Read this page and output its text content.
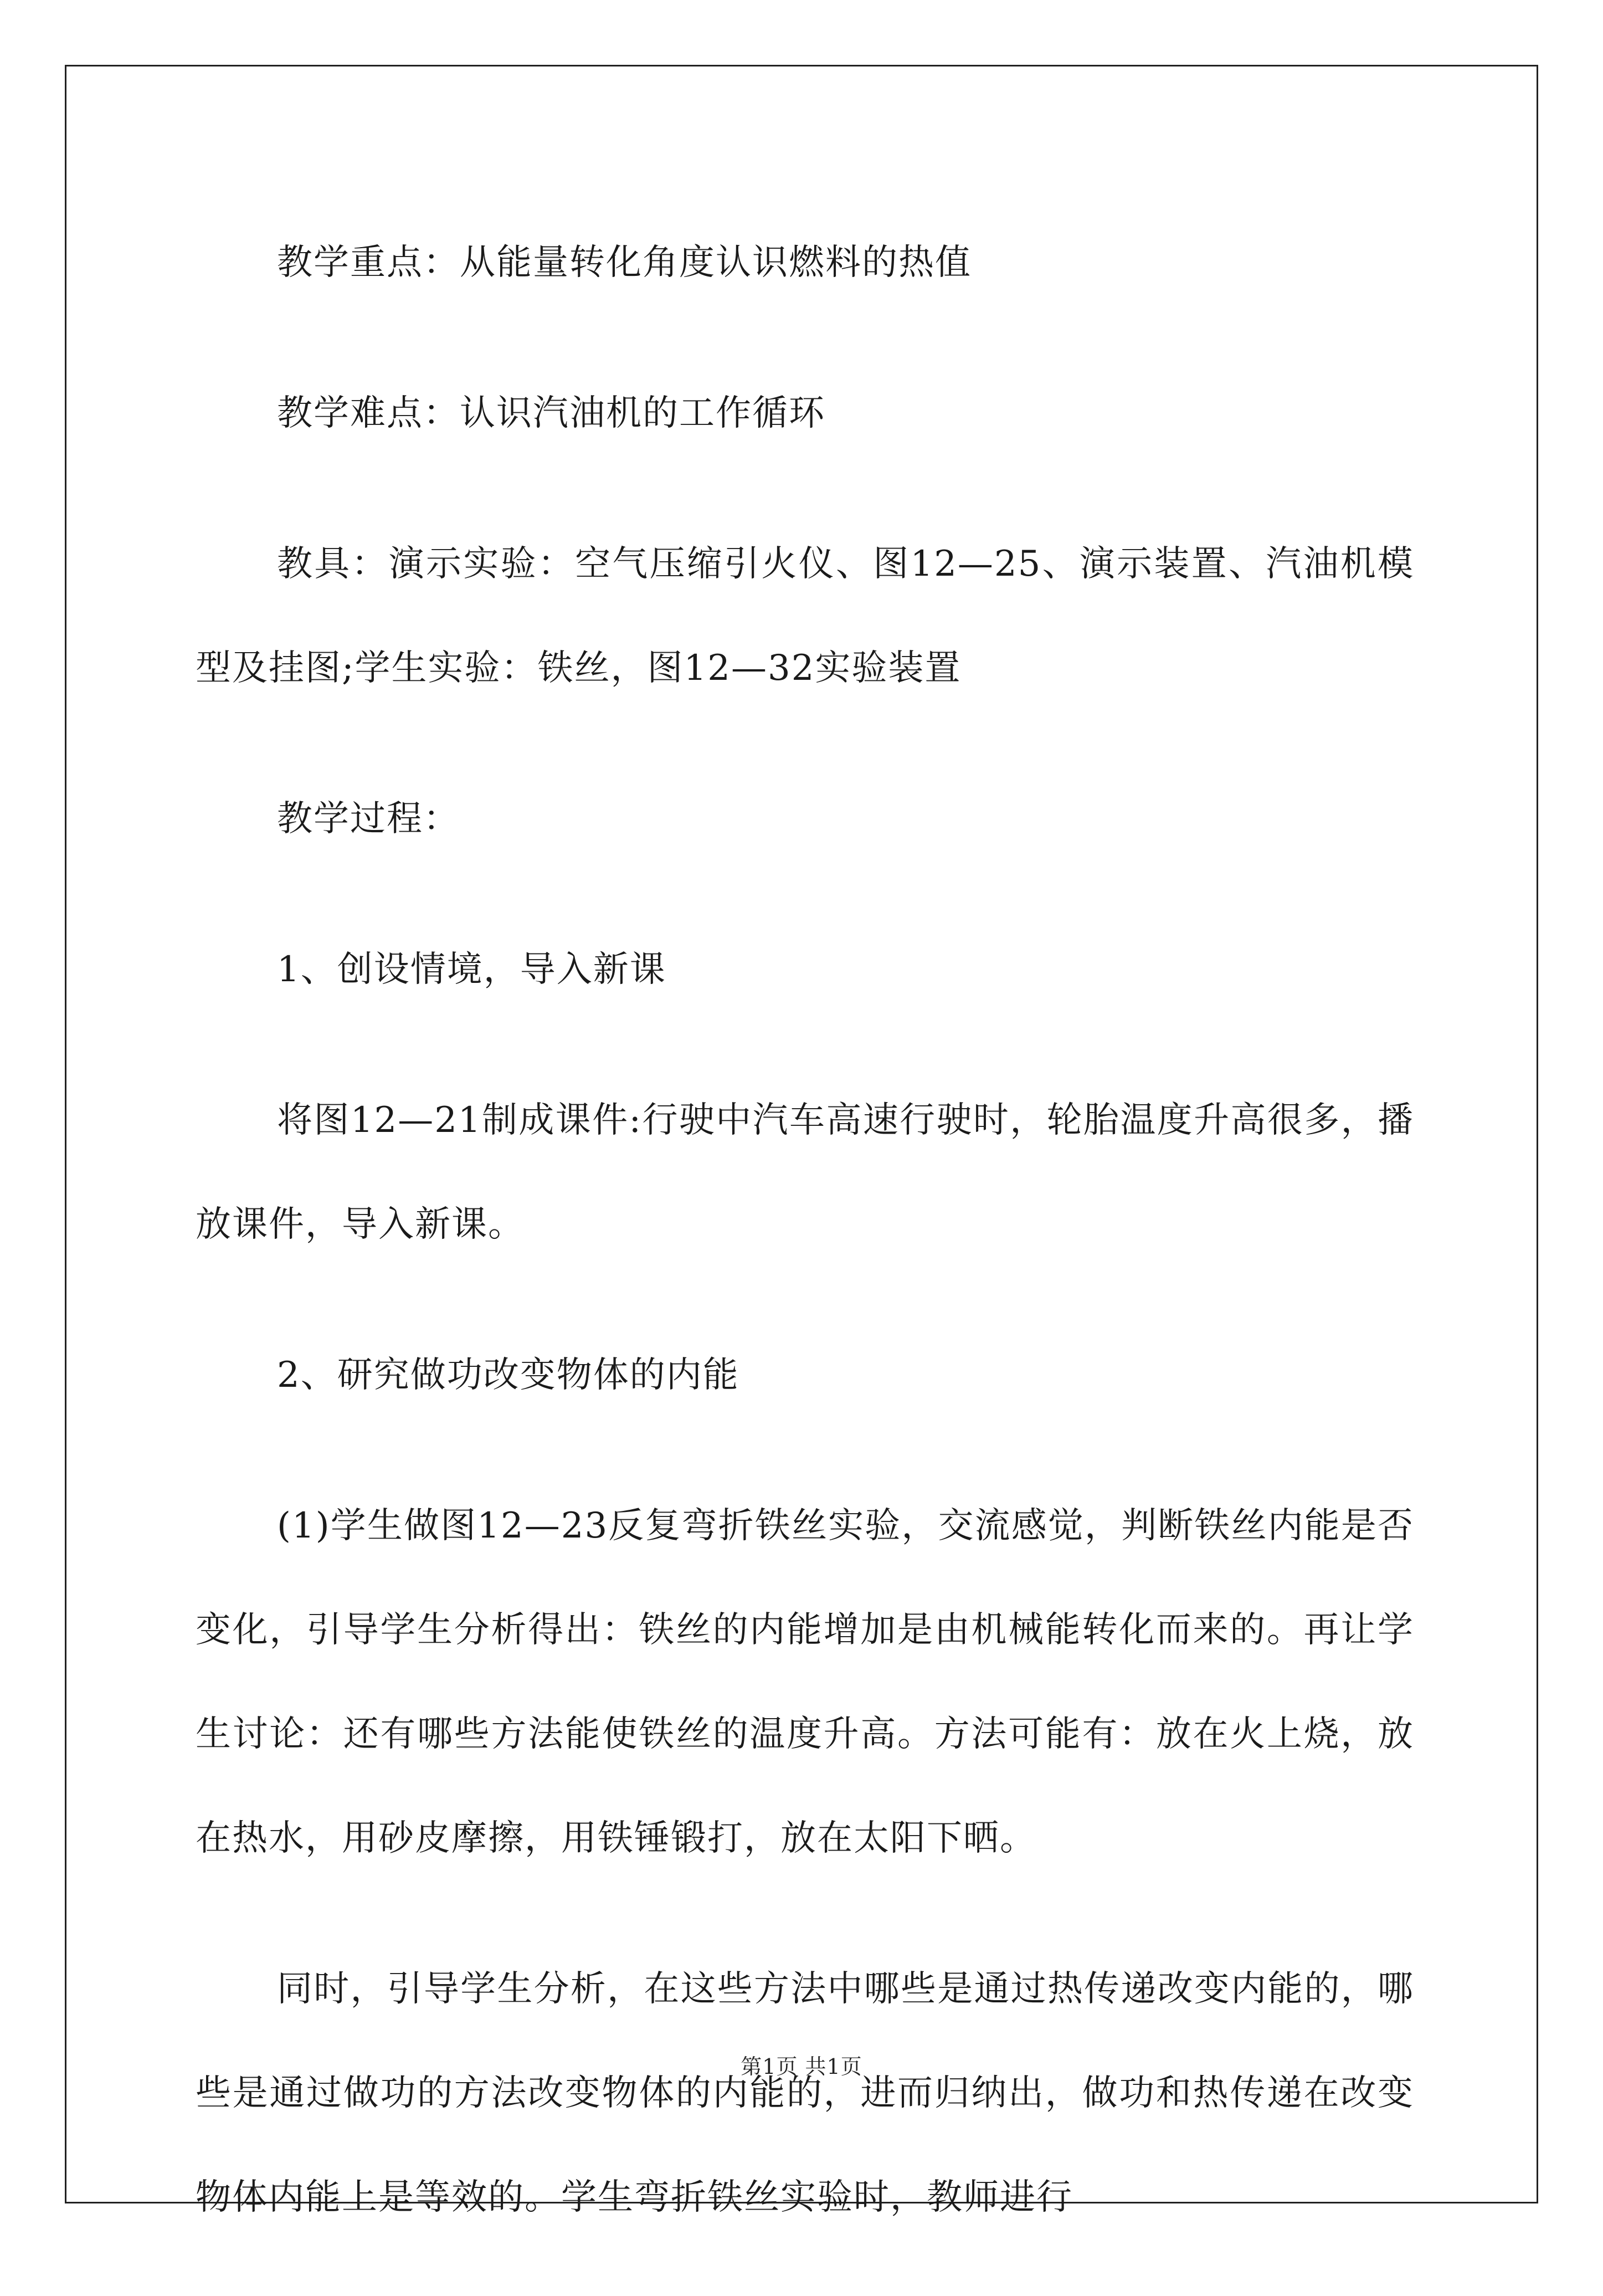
教学重点：从能量转化角度认识燃料的热值

教学难点：认识汽油机的工作循环

教具：演示实验：空气压缩引火仪、图12—25、演示装置、汽油机模型及挂图;学生实验：铁丝，图12—32实验装置

教学过程：

1、创设情境，导入新课

将图12—21制成课件:行驶中汽车高速行驶时，轮胎温度升高很多，播放课件，导入新课。

2、研究做功改变物体的内能

(1)学生做图12—23反复弯折铁丝实验，交流感觉，判断铁丝内能是否变化，引导学生分析得出：铁丝的内能增加是由机械能转化而来的。再让学生讨论：还有哪些方法能使铁丝的温度升高。方法可能有：放在火上烧，放在热水，用砂皮摩擦，用铁锤锻打，放在太阳下晒。

同时，引导学生分析，在这些方法中哪些是通过热传递改变内能的，哪些是通过做功的方法改变物体的内能的，进而归纳出，做功和热传递在改变物体内能上是等效的。学生弯折铁丝实验时，教师进行

第1页 共1页
